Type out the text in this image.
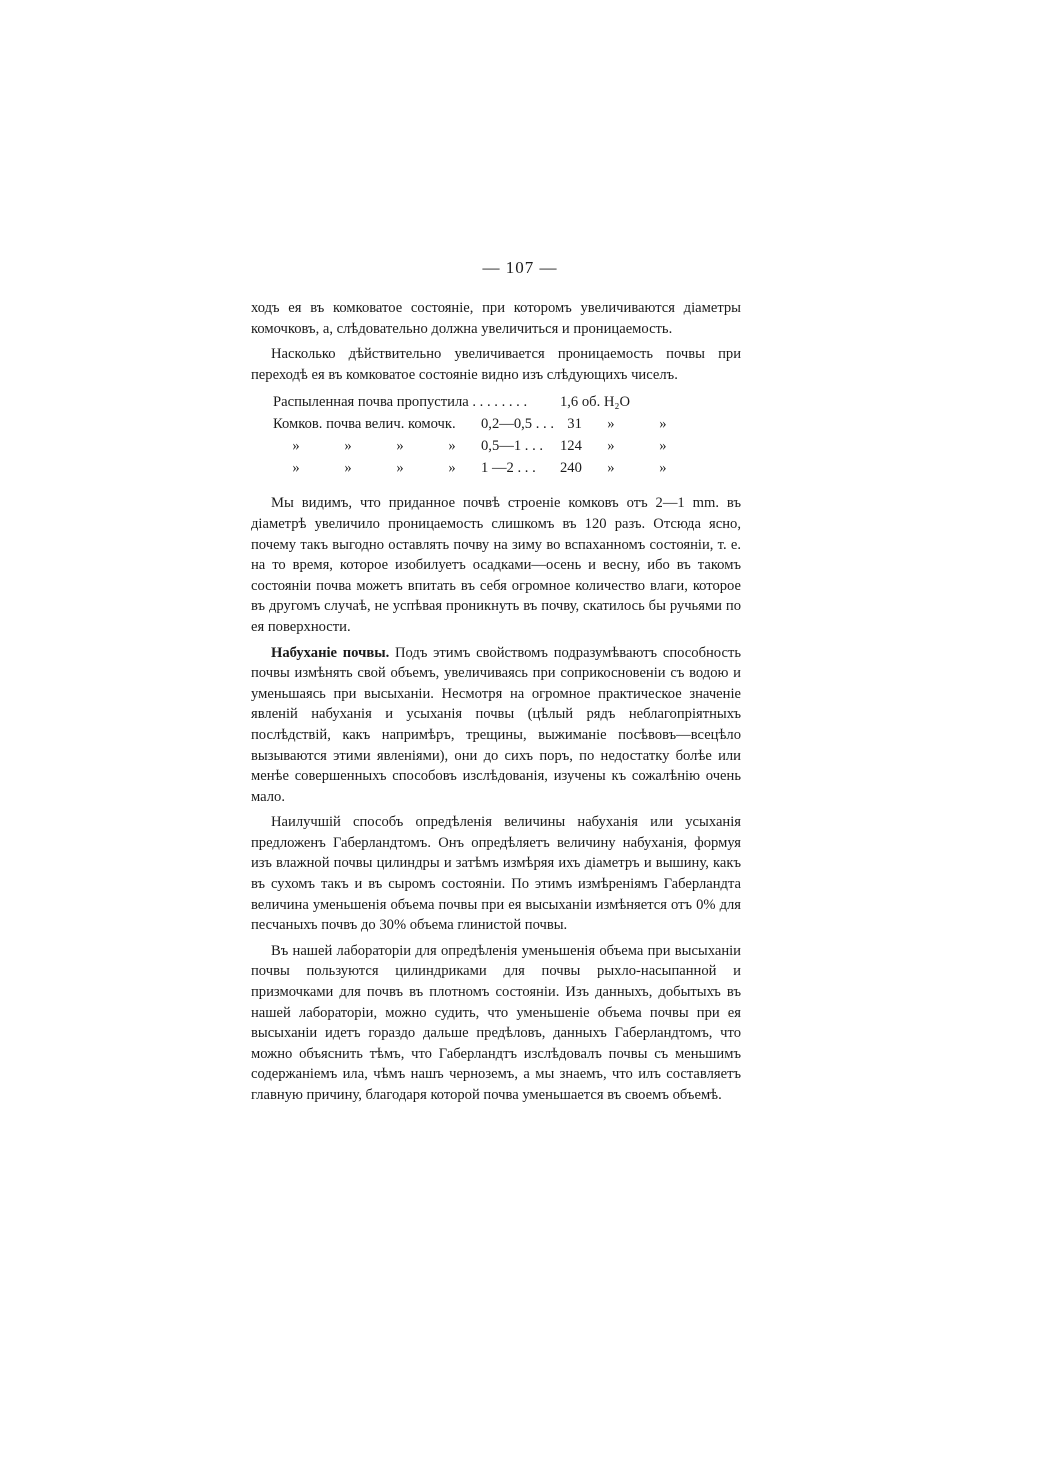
— 107 —

ходъ ея въ комковатое состояніе, при которомъ увеличиваются діаметры комочковъ, а, слѣдовательно должна увеличиться и проницаемость.

Насколько дѣйствительно увеличивается проницаемость почвы при переходѣ ея въ комковатое состояніе видно изъ слѣдующихъ чиселъ.

Распыленная почва пропустила . . . . . . . .					1,6 об. H₂O		
Комков. почва велич. комочк.				0,2—0,5 . . .	31	»	»
»	»	»	»	0,5—1 . . .	124	»	»
»	»	»	»	1 —2 . . .	240	»	»

Мы видимъ, что приданное почвѣ строеніе комковъ отъ 2—1 mm. въ діаметрѣ увеличило проницаемость слишкомъ въ 120 разъ. Отсюда ясно, почему такъ выгодно оставлять почву на зиму во вспаханномъ состояніи, т. е. на то время, которое изобилуетъ осадками—осень и весну, ибо въ такомъ состояніи почва можетъ впитать въ себя огромное количество влаги, которое въ другомъ случаѣ, не успѣвая проникнуть въ почву, скатилось бы ручьями по ея поверхности.

Набуханіе почвы. Подъ этимъ свойствомъ подразумѣваютъ способность почвы измѣнять свой объемъ, увеличиваясь при соприкосновеніи съ водою и уменьшаясь при высыханіи. Несмотря на огромное практическое значеніе явленій набуханія и усыханія почвы (цѣлый рядъ неблагопріятныхъ послѣдствій, какъ напримѣръ, трещины, выжиманіе посѣвовъ—всецѣло вызываются этими явленіями), они до сихъ поръ, по недостатку болѣе или менѣе совершенныхъ способовъ изслѣдованія, изучены къ сожалѣнію очень мало.

Наилучшій способъ опредѣленія величины набуханія или усыханія предложенъ Габерландтомъ. Онъ опредѣляетъ величину набуханія, формуя изъ влажной почвы цилиндры и затѣмъ измѣряя ихъ діаметръ и вышину, какъ въ сухомъ такъ и въ сыромъ состояніи. По этимъ измѣреніямъ Габерландта величина уменьшенія объема почвы при ея высыханіи измѣняется отъ 0% для песчаныхъ почвъ до 30% объема глинистой почвы.

Въ нашей лабораторіи для опредѣленія уменьшенія объема при высыханіи почвы пользуются цилиндриками для почвы рыхло-насыпанной и призмочками для почвъ въ плотномъ состояніи. Изъ данныхъ, добытыхъ въ нашей лабораторіи, можно судить, что уменьшеніе объема почвы при ея высыханіи идетъ гораздо дальше предѣловъ, данныхъ Габерландтомъ, что можно объяснить тѣмъ, что Габерландтъ изслѣдовалъ почвы съ меньшимъ содержаніемъ ила, чѣмъ нашъ черноземъ, а мы знаемъ, что илъ составляетъ главную причину, благодаря которой почва уменьшается въ своемъ объемѣ.
